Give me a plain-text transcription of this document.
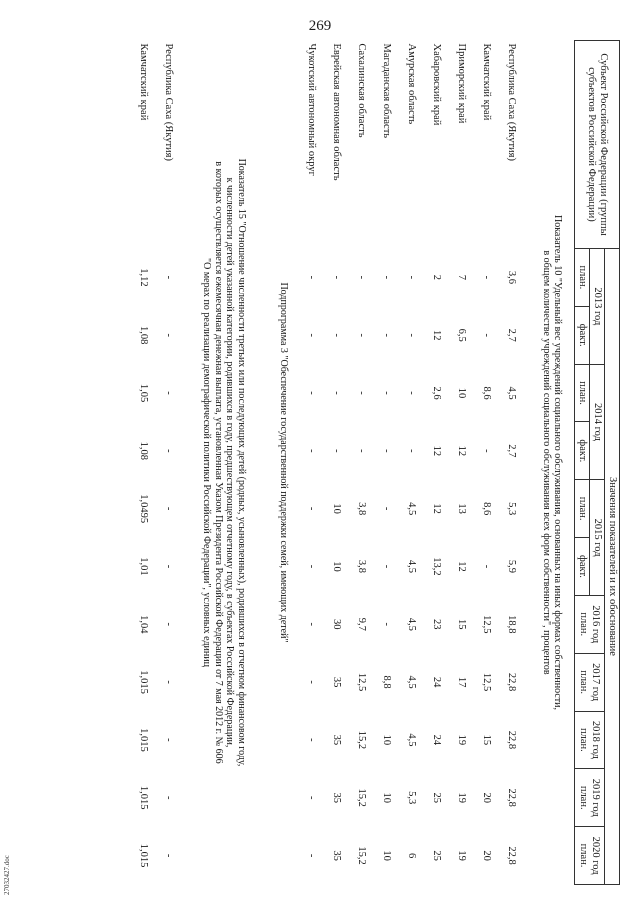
269
Субъект Российской Федерации (группы субъектов Российской Федерации)	Значения показателей и их обоснование										
	2013 год		2014 год		2015 год		2016 год план.	2017 год план.	2018 год план.	2019 год план.	2020 год план.
	план.	факт.	план.	факт.	план.	факт.					

Показатель 10 "Удельный вес учреждений социального обслуживания, основанных на иных формах собственности,
в общем количестве учреждений социального обслуживания всех форм собственности", процентов											

Республика Саха (Якутия)	3,6	2,7	4,5	2,7	5,3	5,9	18,8	22,8	22,8	22,8	22,8
Камчатский край	-	-	8,6	-	8,6	-	12,5	12,5	15	20	20
Приморский край	7	6,5	10	12	13	12	15	17	19	19	19
Хабаровский край	2	12	2,6	12	12	13,2	23	24	24	25	25
Амурская область	-	-	-	-	4,5	4,5	4,5	4,5	4,5	5,3	6
Магаданская область	-	-	-	-	-	-	-	8,8	10	10	10
Сахалинская область	-	-	-	-	3,8	3,8	9,7	12,5	15,2	15,2	15,2
Еврейская автономная область	-	-	-	-	10	10	30	35	35	35	35
Чукотский автономный округ	-	-	-	-	-	-	-	-	-	-	-
Подпрограмма 3 "Обеспечение государственной поддержки семей, имеющих детей"											

Показатель 15 "Отношение численности третьих или последующих детей (родных, усыновленных), родившихся в отчетном финансовом году,
к численности детей указанной категории, родившихся в году, предшествующем отчетному году, в субъектах Российской Федерации,
в которых осуществляется ежемесячная денежная выплата, установленная Указом Президента Российской Федерации от 7 мая 2012 г. № 606
"О мерах по реализации демографической политики Российской Федерации", условных единиц											

Республика Саха (Якутия)	-	-	-	-	-	-	-	-	-	-	-
Камчатский край	1,12	1,08	1,05	1,08	1,0495	1,01	1,04	1,015	1,015	1,015	1,015
27032427.doc
